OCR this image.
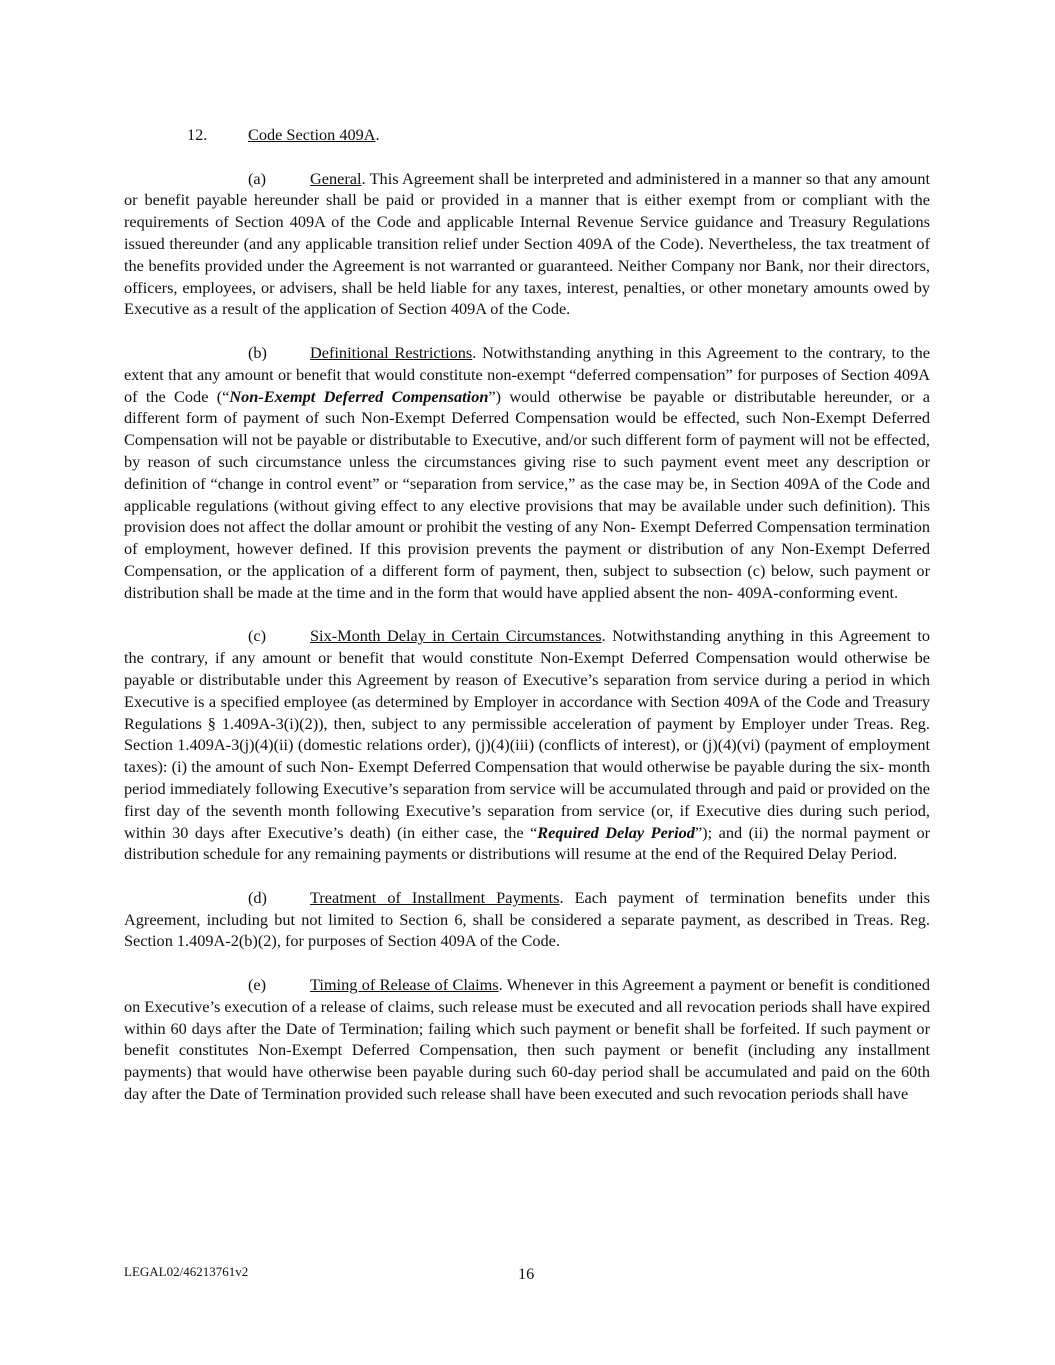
12. Code Section 409A.

(a)	General. This Agreement shall be interpreted and administered in a manner so that any amount or benefit payable hereunder shall be paid or provided in a manner that is either exempt from or compliant with the requirements of Section 409A of the Code and applicable Internal Revenue Service guidance and Treasury Regulations issued thereunder (and any applicable transition relief under Section 409A of the Code). Nevertheless, the tax treatment of the benefits provided under the Agreement is not warranted or guaranteed. Neither Company nor Bank, nor their directors, officers, employees, or advisers, shall be held liable for any taxes, interest, penalties, or other monetary amounts owed by Executive as a result of the application of Section 409A of the Code.

(b)	Definitional Restrictions. Notwithstanding anything in this Agreement to the contrary, to the extent that any amount or benefit that would constitute non-exempt “deferred compensation” for purposes of Section 409A of the Code (“Non-Exempt Deferred Compensation”) would otherwise be payable or distributable hereunder, or a different form of payment of such Non-Exempt Deferred Compensation would be effected, such Non-Exempt Deferred Compensation will not be payable or distributable to Executive, and/or such different form of payment will not be effected, by reason of such circumstance unless the circumstances giving rise to such payment event meet any description or definition of “change in control event” or “separation from service,” as the case may be, in Section 409A of the Code and applicable regulations (without giving effect to any elective provisions that may be available under such definition). This provision does not affect the dollar amount or prohibit the vesting of any Non- Exempt Deferred Compensation termination of employment, however defined. If this provision prevents the payment or distribution of any Non-Exempt Deferred Compensation, or the application of a different form of payment, then, subject to subsection (c) below, such payment or distribution shall be made at the time and in the form that would have applied absent the non- 409A-conforming event.

(c)	Six-Month Delay in Certain Circumstances. Notwithstanding anything in this Agreement to the contrary, if any amount or benefit that would constitute Non-Exempt Deferred Compensation would otherwise be payable or distributable under this Agreement by reason of Executive’s separation from service during a period in which Executive is a specified employee (as determined by Employer in accordance with Section 409A of the Code and Treasury Regulations § 1.409A-3(i)(2)), then, subject to any permissible acceleration of payment by Employer under Treas. Reg. Section 1.409A-3(j)(4)(ii) (domestic relations order), (j)(4)(iii) (conflicts of interest), or (j)(4)(vi) (payment of employment taxes): (i) the amount of such Non- Exempt Deferred Compensation that would otherwise be payable during the six- month period immediately following Executive’s separation from service will be accumulated through and paid or provided on the first day of the seventh month following Executive’s separation from service (or, if Executive dies during such period, within 30 days after Executive’s death) (in either case, the “Required Delay Period”); and (ii) the normal payment or distribution schedule for any remaining payments or distributions will resume at the end of the Required Delay Period.

(d)	Treatment of Installment Payments. Each payment of termination benefits under this Agreement, including but not limited to Section 6, shall be considered a separate payment, as described in Treas. Reg. Section 1.409A-2(b)(2), for purposes of Section 409A of the Code.

(e)	Timing of Release of Claims. Whenever in this Agreement a payment or benefit is conditioned on Executive’s execution of a release of claims, such release must be executed and all revocation periods shall have expired within 60 days after the Date of Termination; failing which such payment or benefit shall be forfeited. If such payment or benefit constitutes Non-Exempt Deferred Compensation, then such payment or benefit (including any installment payments) that would have otherwise been payable during such 60-day period shall be accumulated and paid on the 60th day after the Date of Termination provided such release shall have been executed and such revocation periods shall have

LEGAL02/46213761v2	16
